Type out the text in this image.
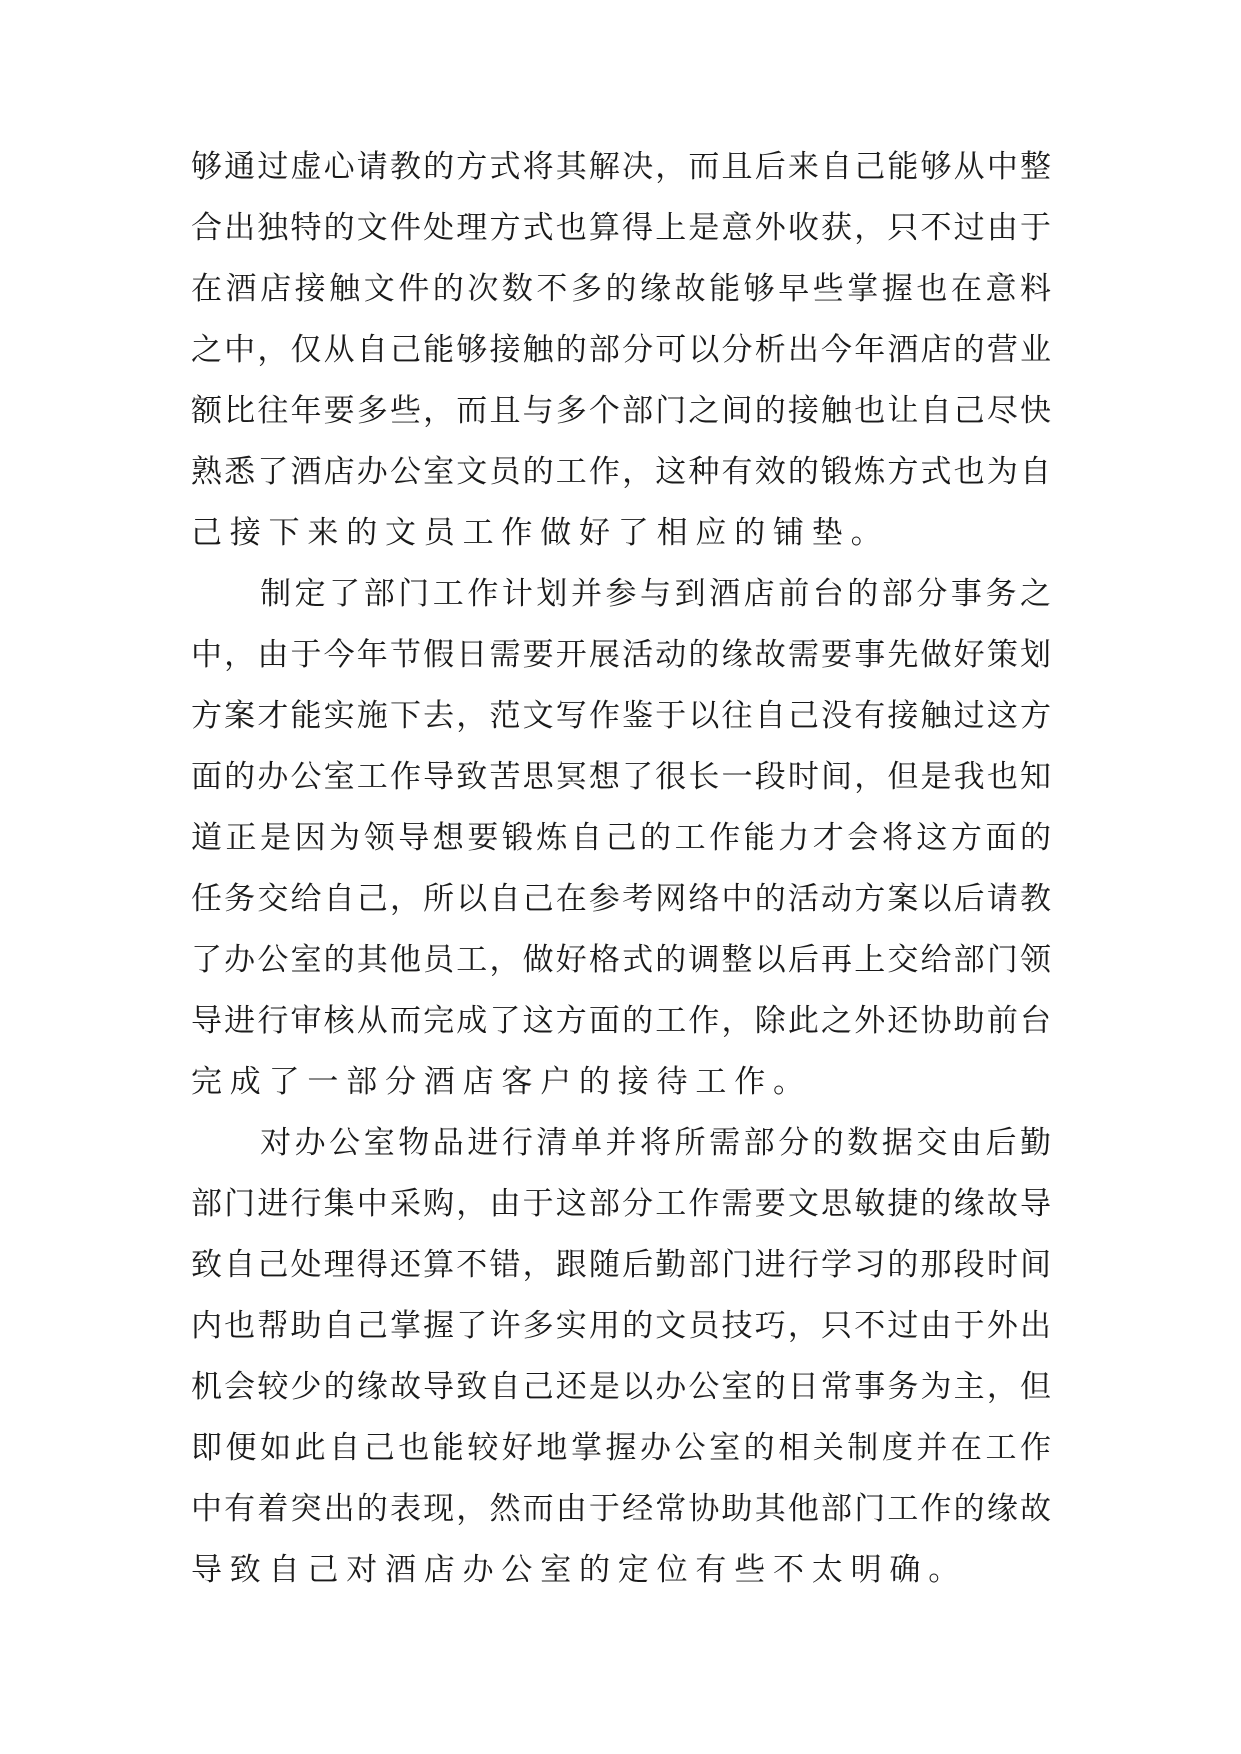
够通过虚心请教的方式将其解决，而且后来自己能够从中整
合出独特的文件处理方式也算得上是意外收获，只不过由于
在酒店接触文件的次数不多的缘故能够早些掌握也在意料
之中，仅从自己能够接触的部分可以分析出今年酒店的营业
额比往年要多些，而且与多个部门之间的接触也让自己尽快
熟悉了酒店办公室文员的工作，这种有效的锻炼方式也为自
己接下来的文员工作做好了相应的铺垫。
　　制定了部门工作计划并参与到酒店前台的部分事务之
中，由于今年节假日需要开展活动的缘故需要事先做好策划
方案才能实施下去，范文写作鉴于以往自己没有接触过这方
面的办公室工作导致苦思冥想了很长一段时间，但是我也知
道正是因为领导想要锻炼自己的工作能力才会将这方面的
任务交给自己，所以自己在参考网络中的活动方案以后请教
了办公室的其他员工，做好格式的调整以后再上交给部门领
导进行审核从而完成了这方面的工作，除此之外还协助前台
完成了一部分酒店客户的接待工作。
　　对办公室物品进行清单并将所需部分的数据交由后勤
部门进行集中采购，由于这部分工作需要文思敏捷的缘故导
致自己处理得还算不错，跟随后勤部门进行学习的那段时间
内也帮助自己掌握了许多实用的文员技巧，只不过由于外出
机会较少的缘故导致自己还是以办公室的日常事务为主，但
即便如此自己也能较好地掌握办公室的相关制度并在工作
中有着突出的表现，然而由于经常协助其他部门工作的缘故
导致自己对酒店办公室的定位有些不太明确。
